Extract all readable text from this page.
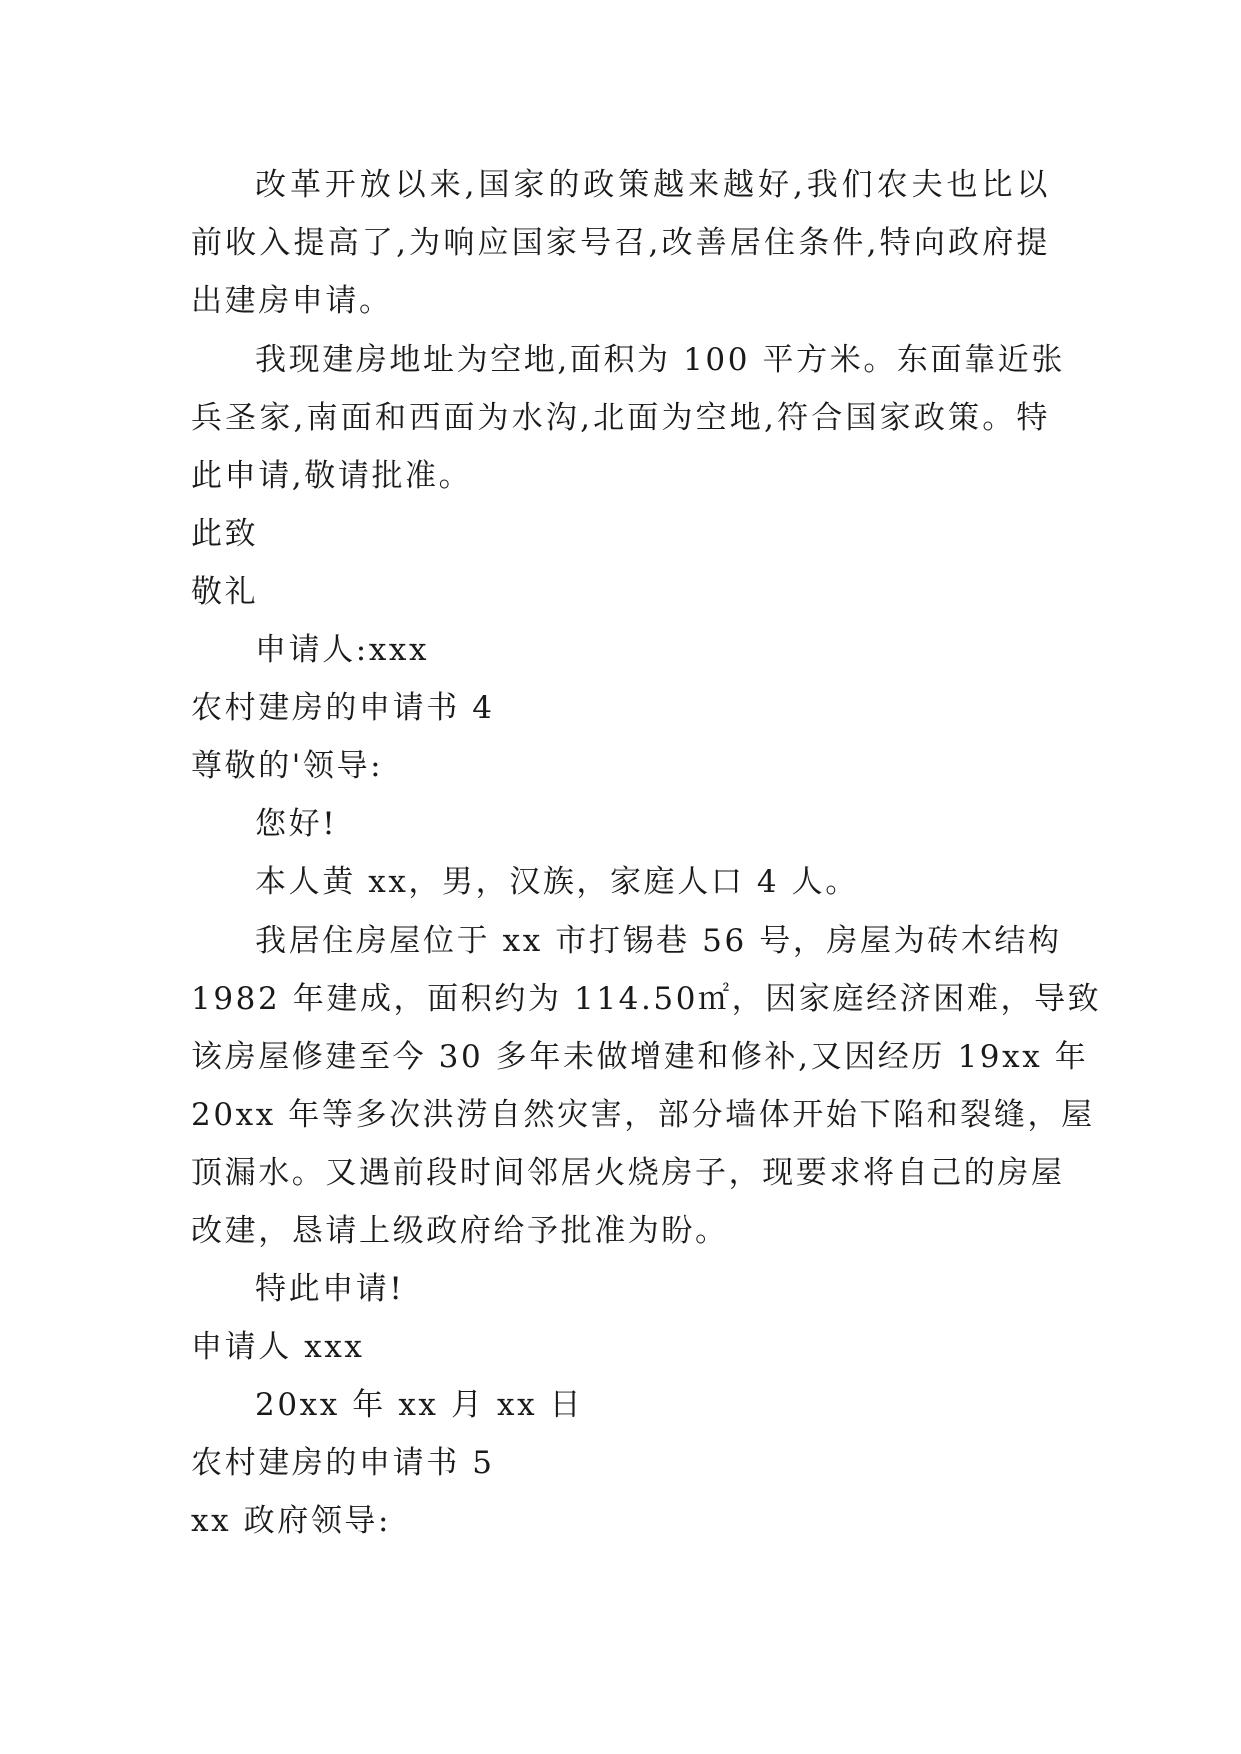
改革开放以来,国家的政策越来越好,我们农夫也比以
前收入提高了,为响应国家号召,改善居住条件,特向政府提
出建房申请。
我现建房地址为空地,面积为 100 平方米。东面靠近张
兵圣家,南面和西面为水沟,北面为空地,符合国家政策。特
此申请,敬请批准。
此致
敬礼
申请人:xxx
农村建房的申请书 4
尊敬的'领导:
您好!
本人黄 xx，男，汉族，家庭人口 4 人。
我居住房屋位于 xx 市打锡巷 56 号，房屋为砖木结构
1982 年建成，面积约为 114.50㎡，因家庭经济困难，导致
该房屋修建至今 30 多年未做增建和修补,又因经历 19xx 年
20xx 年等多次洪涝自然灾害，部分墙体开始下陷和裂缝，屋
顶漏水。又遇前段时间邻居火烧房子，现要求将自己的房屋
改建，恳请上级政府给予批准为盼。
特此申请!
申请人 xxx
20xx 年 xx 月 xx 日
农村建房的申请书 5
xx 政府领导:
